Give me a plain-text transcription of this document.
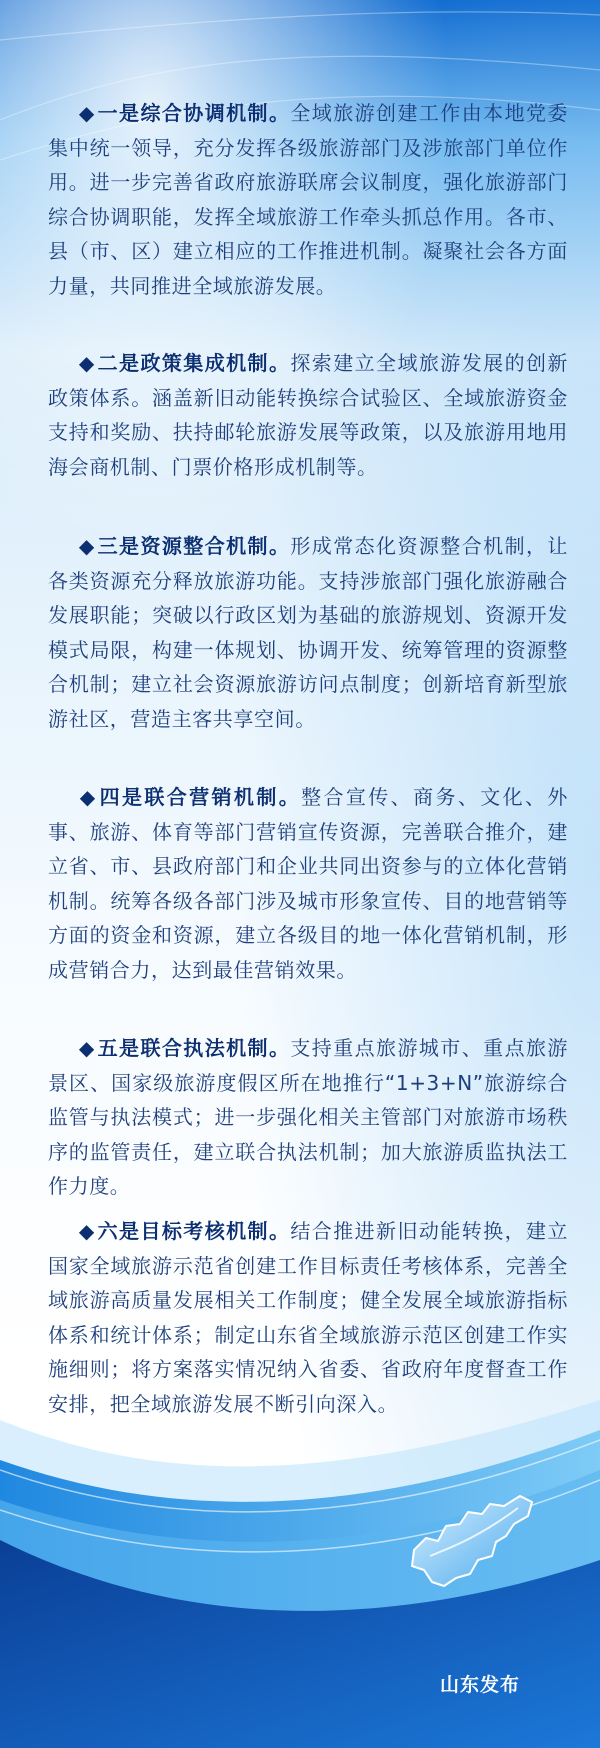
◆ 一是综合协调机制。全域旅游创建工作由本地党委集中统一领导，充分发挥各级旅游部门及涉旅部门单位作用。进一步完善省政府旅游联席会议制度，强化旅游部门综合协调职能，发挥全域旅游工作牵头抓总作用。各市、县（市、区）建立相应的工作推进机制。凝聚社会各方面力量，共同推进全域旅游发展。

◆ 二是政策集成机制。探索建立全域旅游发展的创新政策体系。涵盖新旧动能转换综合试验区、全域旅游资金支持和奖励、扶持邮轮旅游发展等政策，以及旅游用地用海会商机制、门票价格形成机制等。

◆ 三是资源整合机制。形成常态化资源整合机制，让各类资源充分释放旅游功能。支持涉旅部门强化旅游融合发展职能；突破以行政区划为基础的旅游规划、资源开发模式局限，构建一体规划、协调开发、统筹管理的资源整合机制；建立社会资源旅游访问点制度；创新培育新型旅游社区，营造主客共享空间。

◆ 四是联合营销机制。整合宣传、商务、文化、外事、旅游、体育等部门营销宣传资源，完善联合推介，建立省、市、县政府部门和企业共同出资参与的立体化营销机制。统筹各级各部门涉及城市形象宣传、目的地营销等方面的资金和资源，建立各级目的地一体化营销机制，形成营销合力，达到最佳营销效果。

◆ 五是联合执法机制。支持重点旅游城市、重点旅游景区、国家级旅游度假区所在地推行“1+3+N”旅游综合监管与执法模式；进一步强化相关主管部门对旅游市场秩序的监管责任，建立联合执法机制；加大旅游质监执法工作力度。

◆ 六是目标考核机制。结合推进新旧动能转换，建立国家全域旅游示范省创建工作目标责任考核体系，完善全域旅游高质量发展相关工作制度；健全发展全域旅游指标体系和统计体系；制定山东省全域旅游示范区创建工作实施细则；将方案落实情况纳入省委、省政府年度督查工作安排，把全域旅游发展不断引向深入。

山东发布
